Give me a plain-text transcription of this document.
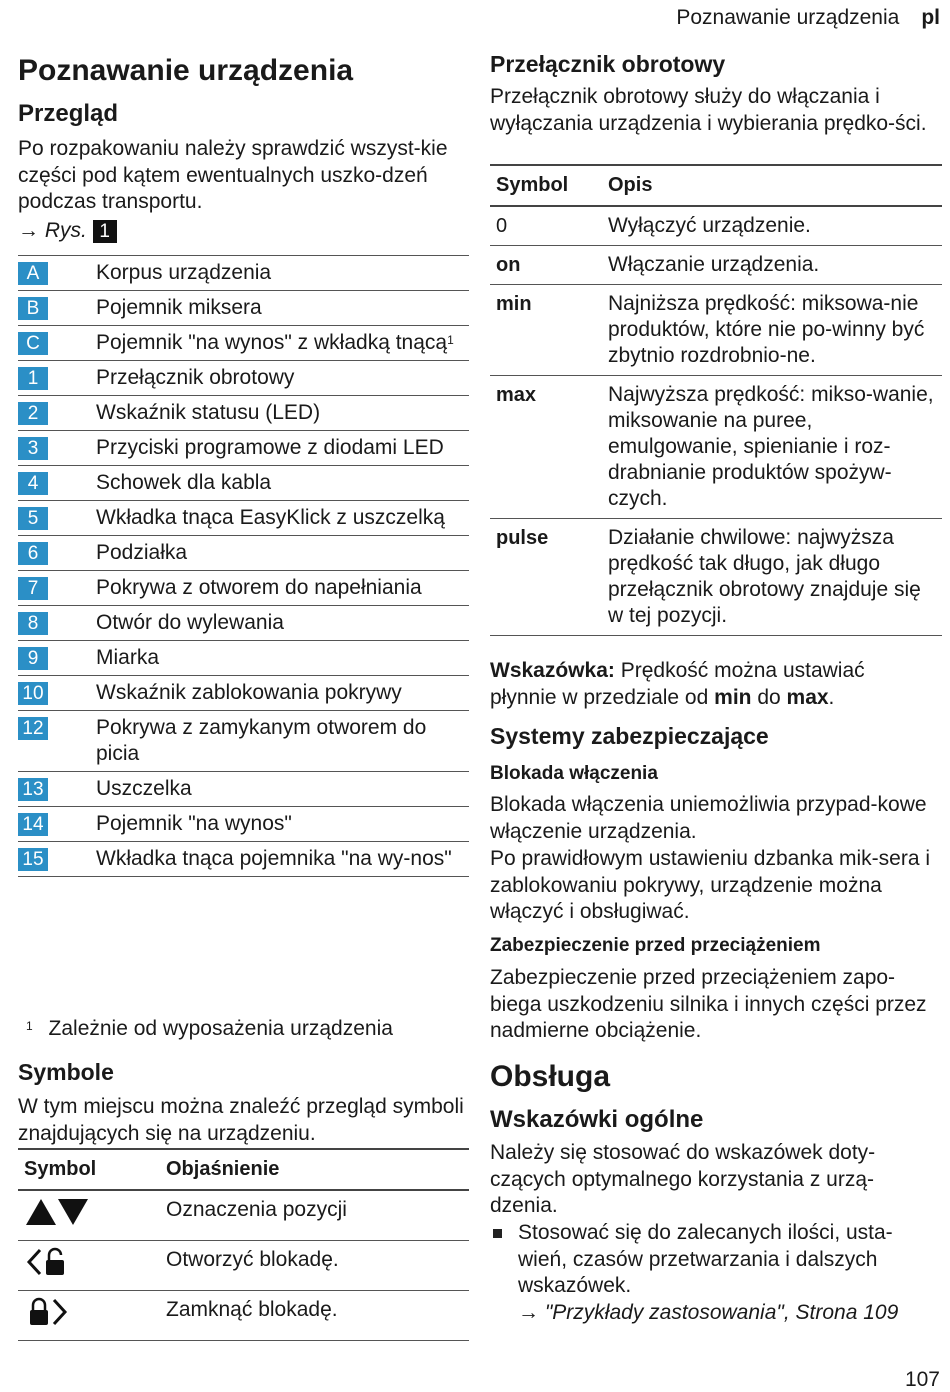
Poznawanie urządzenia pl
Poznawanie urządzenia
Przegląd
Po rozpakowaniu należy sprawdzić wszyst-kie części pod kątem ewentualnych uszko-dzeń podczas transportu.
→ Rys. 1
A	Korpus urządzenia
B	Pojemnik miksera
C	Pojemnik "na wynos" z wkładką tnącą$^1$
1	Przełącznik obrotowy
2	Wskaźnik statusu (LED)
3	Przyciski programowe z diodami LED
4	Schowek dla kabla
5	Wkładka tnąca EasyKlick z uszczelką
6	Podziałka
7	Pokrywa z otworem do napełniania
8	Otwór do wylewania
9	Miarka
10	Wskaźnik zablokowania pokrywy
12	Pokrywa z zamykanym otworem do picia
13	Uszczelka
14	Pojemnik "na wynos"
15	Wkładka tnąca pojemnika "na wy-nos"
$^1$ Zależnie od wyposażenia urządzenia
Symbole
W tym miejscu można znaleźć przegląd symboli znajdujących się na urządzeniu.
Symbol	Objaśnienie
	Oznaczenia pozycji
	Otworzyć blokadę.
	Zamknąć blokadę.
Przełącznik obrotowy
Przełącznik obrotowy służy do włączania i wyłączania urządzenia i wybierania prędko-ści.
Symbol	Opis
0	Wyłączyć urządzenie.
on	Włączanie urządzenia.
min	Najniższa prędkość: miksowa-nie produktów, które nie po-winny być zbytnio rozdrobnio-ne.
max	Najwyższa prędkość: mikso-wanie, miksowanie na puree, emulgowanie, spienianie i roz-drabnianie produktów spożyw-czych.
pulse	Działanie chwilowe: najwyższa prędkość tak długo, jak długo przełącznik obrotowy znajduje się w tej pozycji.
Wskazówka: Prędkość można ustawiać płynnie w przedziale od min do max.
Systemy zabezpieczające
Blokada włączenia
Blokada włączenia uniemożliwia przypad-kowe włączenie urządzenia.
Po prawidłowym ustawieniu dzbanka mik-sera i zablokowaniu pokrywy, urządzenie można włączyć i obsługiwać.
Zabezpieczenie przed przeciążeniem
Zabezpieczenie przed przeciążeniem zapo-biega uszkodzeniu silnika i innych części przez nadmierne obciążenie.
Obsługa
Wskazówki ogólne
Należy się stosować do wskazówek doty-czących optymalnego korzystania z urzą-dzenia.
Stosować się do zalecanych ilości, usta-wień, czasów przetwarzania i dalszych wskazówek.
→ "Przykłady zastosowania", Strona 109
107
